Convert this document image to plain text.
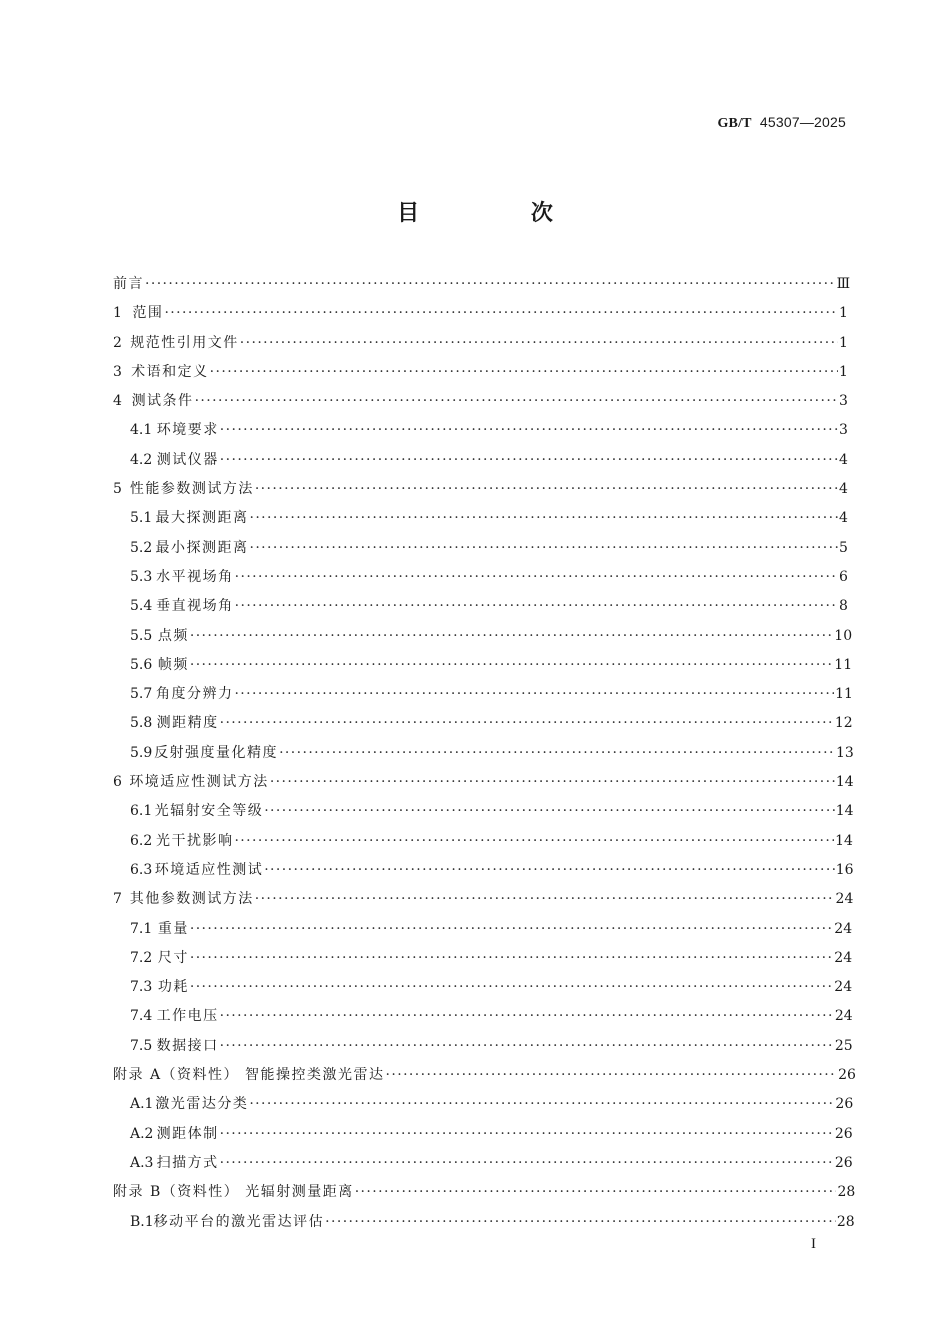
GB/T 45307—2025
目 次
前言 ·····	Ⅲ
1 范围 ·····	1
2 规范性引用文件 ·····	1
3 术语和定义 ·····	1
4 测试条件 ·····	3
4.1 环境要求 ·····	3
4.2 测试仪器 ·····	4
5 性能参数测试方法 ·····	4
5.1 最大探测距离 ·····	4
5.2 最小探测距离 ·····	5
5.3 水平视场角 ·····	6
5.4 垂直视场角 ·····	8
5.5 点频 ·····	10
5.6 帧频 ·····	11
5.7 角度分辨力 ·····	11
5.8 测距精度 ·····	12
5.9 反射强度量化精度 ·····	13
6 环境适应性测试方法 ·····	14
6.1 光辐射安全等级 ·····	14
6.2 光干扰影响 ·····	14
6.3 环境适应性测试 ·····	16
7 其他参数测试方法 ·····	24
7.1 重量 ·····	24
7.2 尺寸 ·····	24
7.3 功耗 ·····	24
7.4 工作电压 ·····	24
7.5 数据接口 ·····	25
附录 A（资料性） 智能操控类激光雷达 ·····	26
A.1 激光雷达分类 ·····	26
A.2 测距体制 ·····	26
A.3 扫描方式 ·····	26
附录 B（资料性） 光辐射测量距离 ·····	28
B.1 移动平台的激光雷达评估 ·····	28
I
